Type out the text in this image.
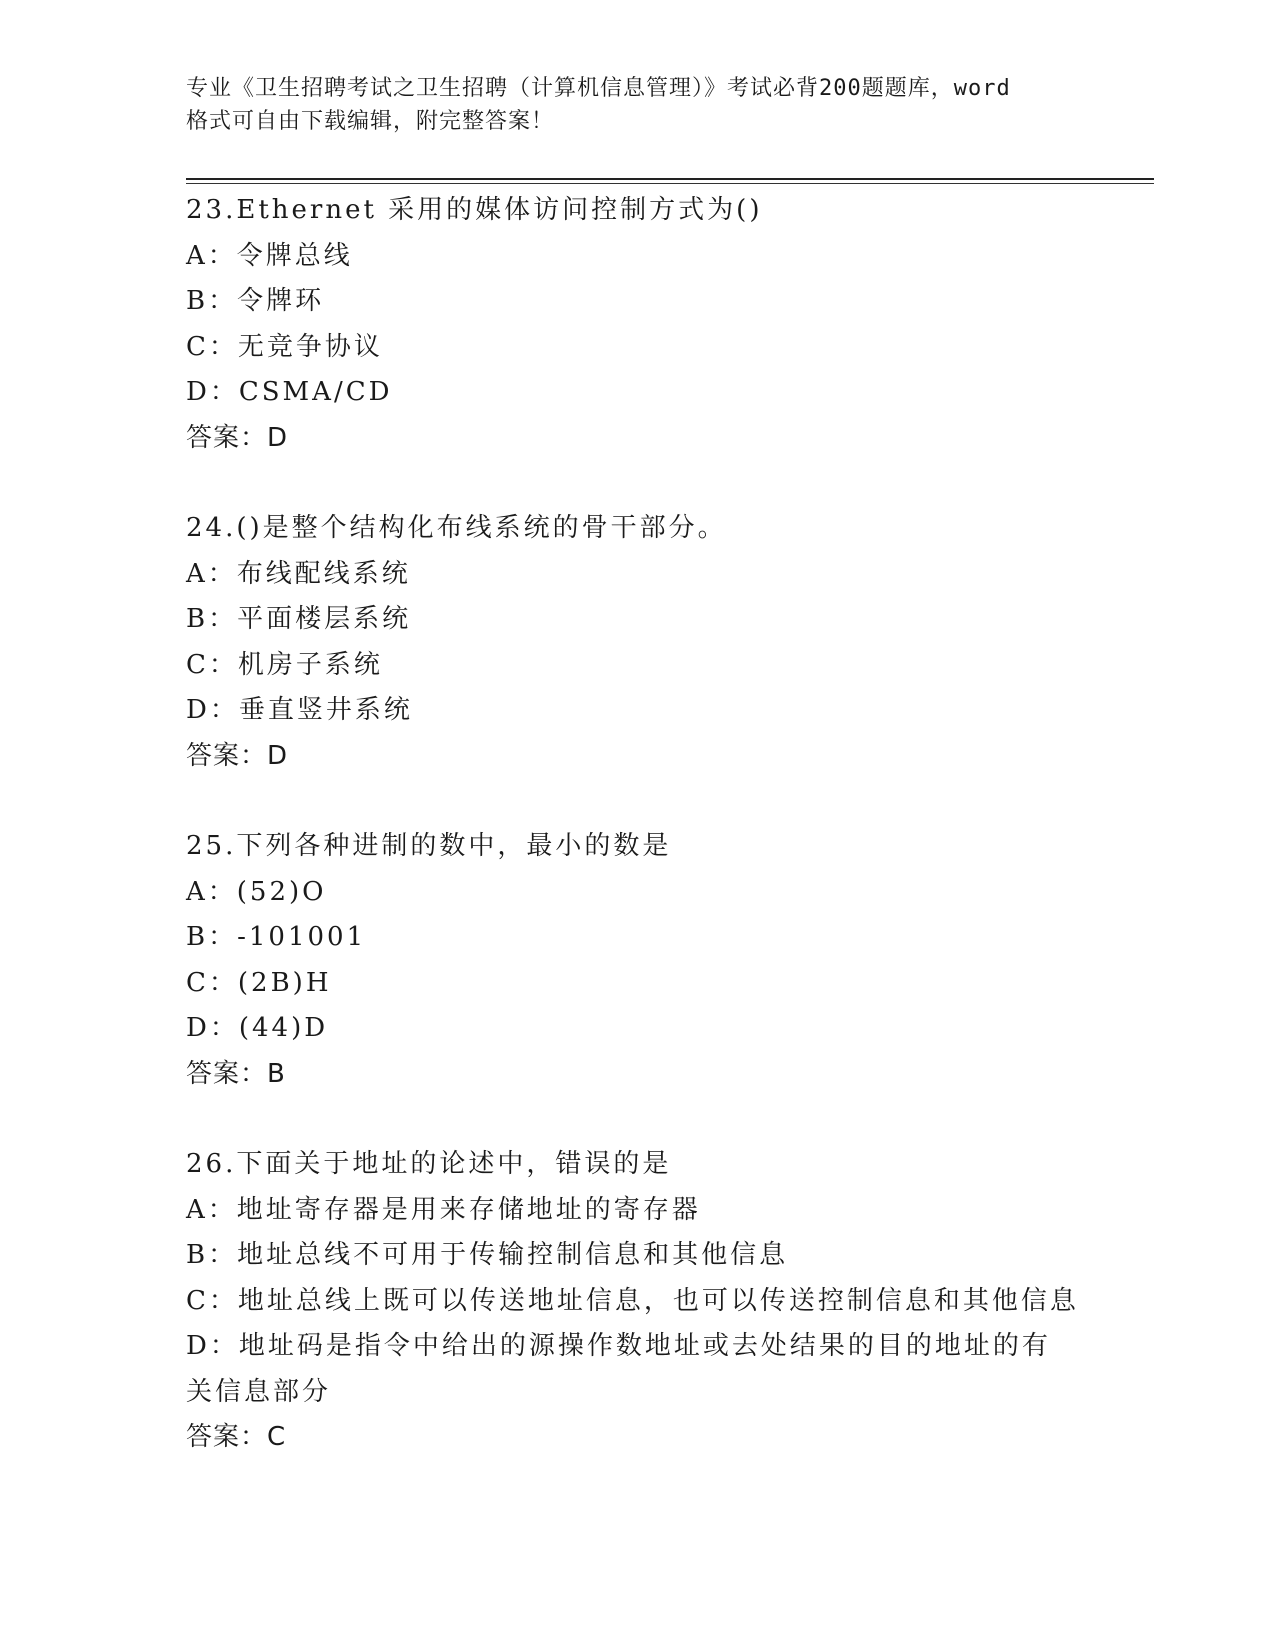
专业《卫生招聘考试之卫生招聘（计算机信息管理）》考试必背200题题库，word
格式可自由下载编辑，附完整答案！
23.Ethernet 采用的媒体访问控制方式为()
A：令牌总线
B：令牌环
C：无竞争协议
D：CSMA/CD
答案：D
24.()是整个结构化布线系统的骨干部分。
A：布线配线系统
B：平面楼层系统
C：机房子系统
D：垂直竖井系统
答案：D
25.下列各种进制的数中，最小的数是
A：(52)O
B：-101001
C：(2B)H
D：(44)D
答案：B
26.下面关于地址的论述中，错误的是
A：地址寄存器是用来存储地址的寄存器
B：地址总线不可用于传输控制信息和其他信息
C：地址总线上既可以传送地址信息，也可以传送控制信息和其他信息
D：地址码是指令中给出的源操作数地址或去处结果的目的地址的有关信息部分
答案：C
